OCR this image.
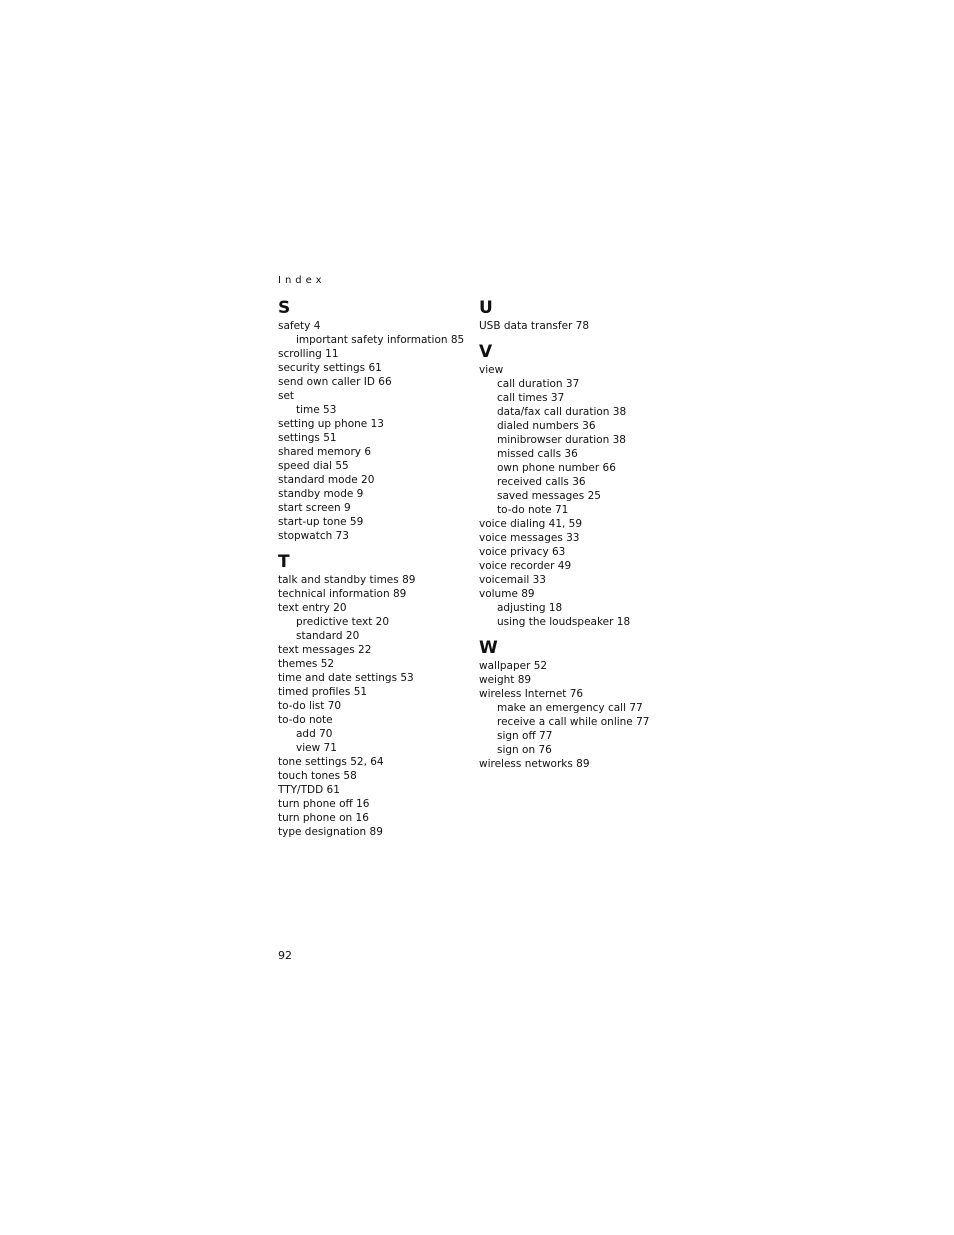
Index
S
safety 4
important safety information 85
scrolling 11
security settings 61
send own caller ID 66
set
time 53
setting up phone 13
settings 51
shared memory 6
speed dial 55
standard mode 20
standby mode 9
start screen 9
start-up tone 59
stopwatch 73
T
talk and standby times 89
technical information 89
text entry 20
predictive text 20
standard 20
text messages 22
themes 52
time and date settings 53
timed profiles 51
to-do list 70
to-do note
add 70
view 71
tone settings 52, 64
touch tones 58
TTY/TDD 61
turn phone off 16
turn phone on 16
type designation 89
U
USB data transfer 78
V
view
call duration 37
call times 37
data/fax call duration 38
dialed numbers 36
minibrowser duration 38
missed calls 36
own phone number 66
received calls 36
saved messages 25
to-do note 71
voice dialing 41, 59
voice messages 33
voice privacy 63
voice recorder 49
voicemail 33
volume 89
adjusting 18
using the loudspeaker 18
W
wallpaper 52
weight 89
wireless Internet 76
make an emergency call 77
receive a call while online 77
sign off 77
sign on 76
wireless networks 89
92
